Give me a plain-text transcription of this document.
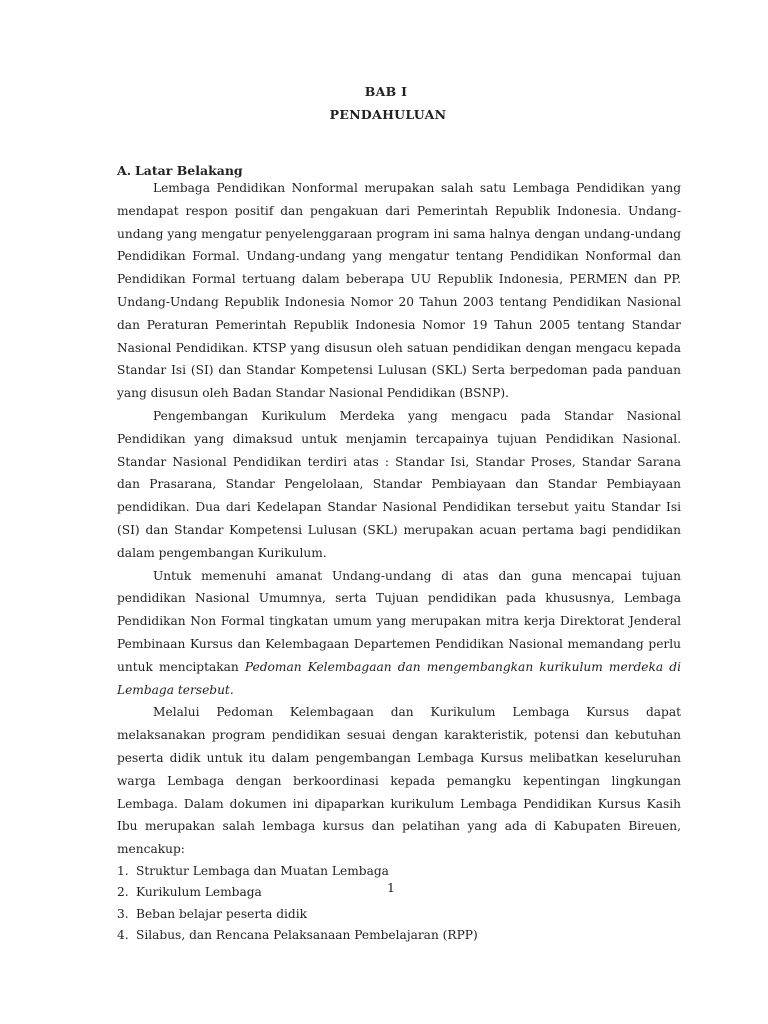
BAB I
PENDAHULUAN
A. Latar Belakang

Lembaga Pendidikan Nonformal merupakan salah satu Lembaga Pendidikan yang mendapat respon positif dan pengakuan dari Pemerintah Republik Indonesia. Undang-undang yang mengatur penyelenggaraan program ini sama halnya dengan undang-undang Pendidikan Formal. Undang-undang yang mengatur tentang Pendidikan Nonformal dan Pendidikan Formal tertuang dalam beberapa UU Republik Indonesia, PERMEN dan PP. Undang-Undang Republik Indonesia Nomor 20 Tahun 2003 tentang Pendidikan Nasional dan Peraturan Pemerintah Republik Indonesia Nomor 19 Tahun 2005 tentang Standar Nasional Pendidikan. KTSP yang disusun oleh satuan pendidikan dengan mengacu kepada Standar Isi (SI) dan Standar Kompetensi Lulusan (SKL) Serta berpedoman pada panduan yang disusun oleh Badan Standar Nasional Pendidikan (BSNP).

Pengembangan Kurikulum Merdeka yang mengacu pada Standar Nasional Pendidikan yang dimaksud untuk menjamin tercapainya tujuan Pendidikan Nasional. Standar Nasional Pendidikan terdiri atas : Standar Isi, Standar Proses, Standar Sarana dan Prasarana, Standar Pengelolaan, Standar Pembiayaan dan Standar Pembiayaan pendidikan. Dua dari Kedelapan Standar Nasional Pendidikan tersebut yaitu Standar Isi (SI) dan Standar Kompetensi Lulusan (SKL) merupakan acuan pertama bagi pendidikan dalam pengembangan Kurikulum.

Untuk memenuhi amanat Undang-undang di atas dan guna mencapai tujuan pendidikan Nasional Umumnya, serta Tujuan pendidikan pada khususnya, Lembaga Pendidikan Non Formal tingkatan umum yang merupakan mitra kerja Direktorat Jenderal Pembinaan Kursus dan Kelembagaan Departemen Pendidikan Nasional memandang perlu untuk menciptakan Pedoman Kelembagaan dan mengembangkan kurikulum merdeka di Lembaga tersebut.

Melalui Pedoman Kelembagaan dan Kurikulum Lembaga Kursus dapat melaksanakan program pendidikan sesuai dengan karakteristik, potensi dan kebutuhan peserta didik untuk itu dalam pengembangan Lembaga Kursus melibatkan keseluruhan warga Lembaga dengan berkoordinasi kepada pemangku kepentingan lingkungan Lembaga. Dalam dokumen ini dipaparkan kurikulum Lembaga Pendidikan Kursus Kasih Ibu merupakan salah lembaga kursus dan pelatihan yang ada di Kabupaten Bireuen, mencakup:

1. Struktur Lembaga dan Muatan Lembaga
2. Kurikulum Lembaga
3. Beban belajar peserta didik
4. Silabus, dan Rencana Pelaksanaan Pembelajaran (RPP)
1
